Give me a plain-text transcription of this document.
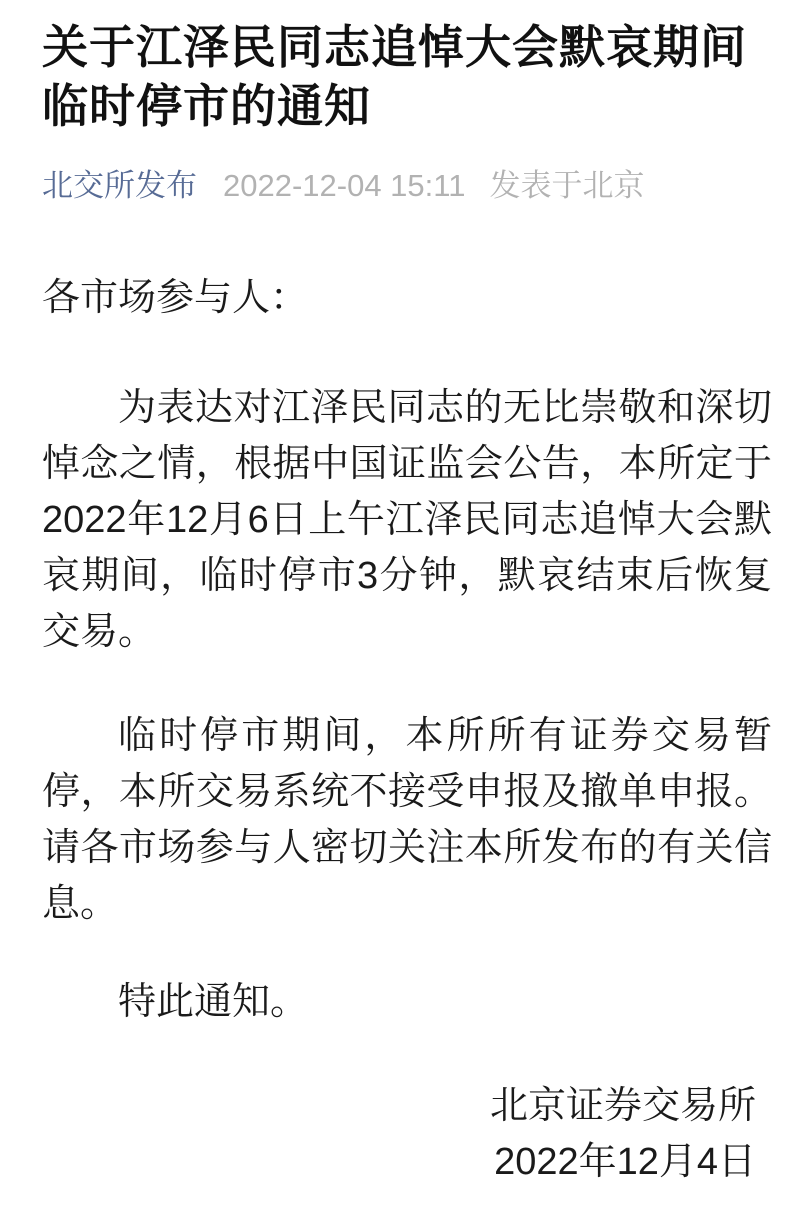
关于江泽民同志追悼大会默哀期间临时停市的通知
北交所发布 2022-12-04 15:11 发表于北京

各市场参与人：

为表达对江泽民同志的无比崇敬和深切悼念之情，根据中国证监会公告，本所定于2022年12月6日上午江泽民同志追悼大会默哀期间，临时停市3分钟，默哀结束后恢复交易。

临时停市期间，本所所有证券交易暂停，本所交易系统不接受申报及撤单申报。请各市场参与人密切关注本所发布的有关信息。

特此通知。

北京证券交易所

2022年12月4日
